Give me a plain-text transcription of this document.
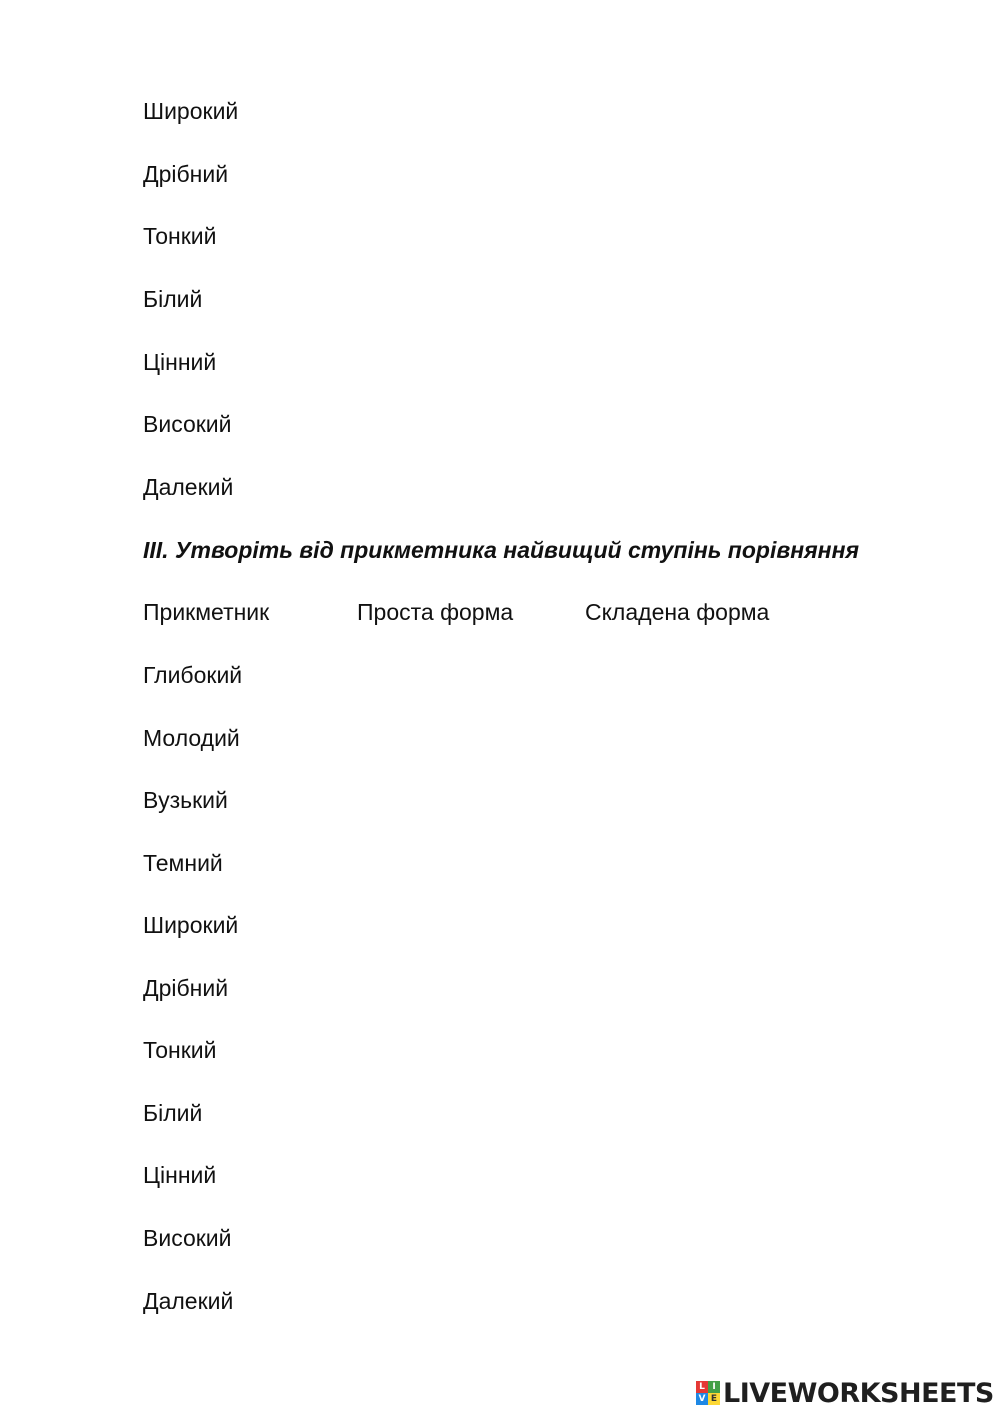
Широкий
Дрібний
Тонкий
Білий
Цінний
Високий
Далекий
ІІІ. Утворіть від прикметника найвищий ступінь порівняння
Прикметник	Проста форма	Складена форма
Глибокий
Молодий
Вузький
Темний
Широкий
Дрібний
Тонкий
Білий
Цінний
Високий
Далекий
L I
V E LIVEWORKSHEETS
